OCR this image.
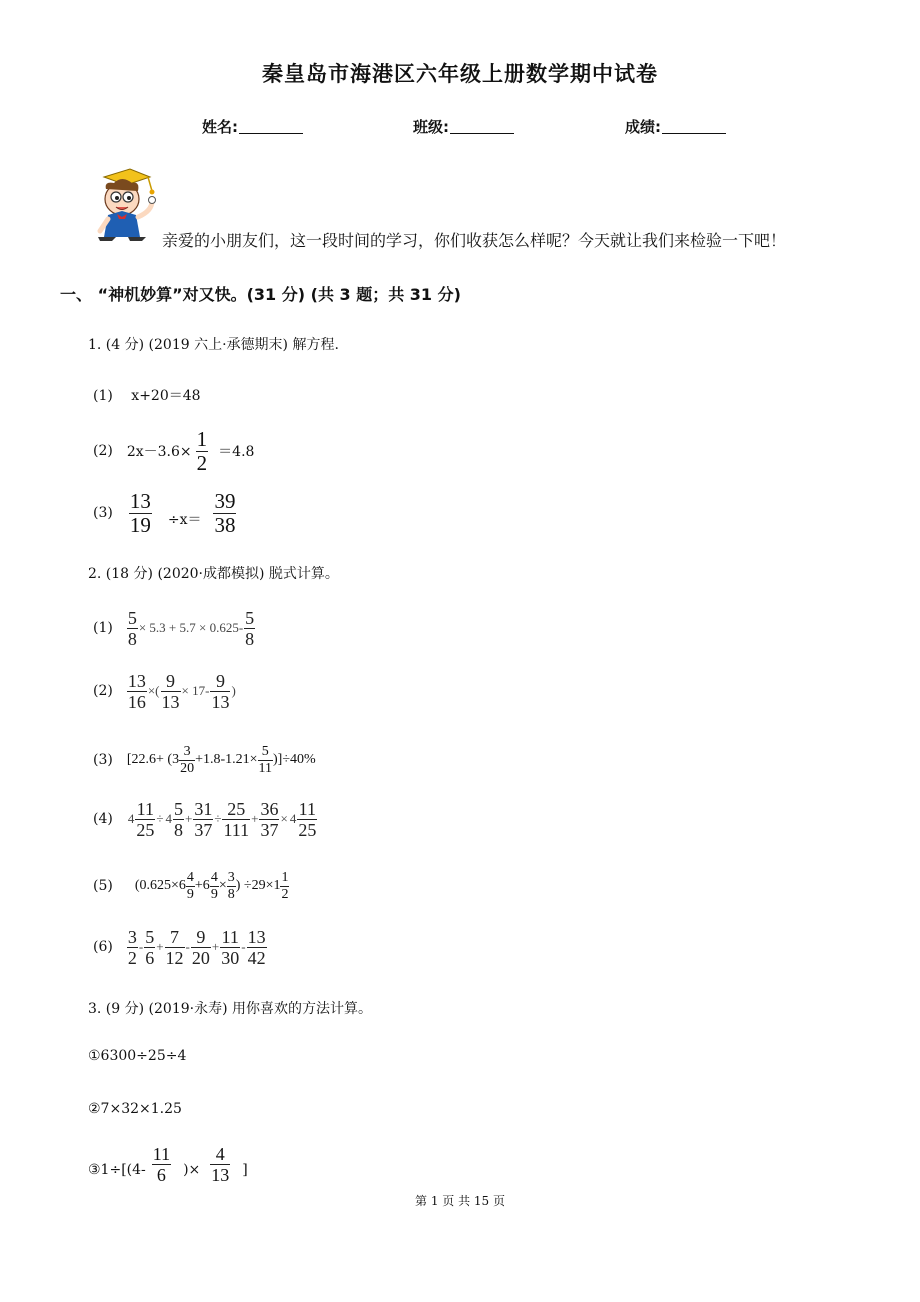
秦皇岛市海港区六年级上册数学期中试卷
姓名:	班级:	成绩:
亲爱的小朋友们，这一段时间的学习，你们收获怎么样呢？今天就让我们来检验一下吧！
一、 “神机妙算”对又快。(31 分) (共 3 题；共 31 分)
1. (4 分) (2019 六上·承德期末) 解方程.
(1) x+20＝48
(2) $2x-3.6\times \frac{1}{2} =4.8$
$(3) \frac{13}{19} \div x= \frac{39}{38}$
2. (18 分) (2020·成都模拟) 脱式计算。
$(1) \frac{5}{8} \times 5.3 + 5.7 \times 0.625- \frac{5}{8}$
$(2) \frac{13}{16}$ ×( $\frac{9}{13} \times 17- \frac{9}{13}$ )
(3) $[22.6+ (3 \frac{3}{20} +1.8-1.21\times \frac{5}{11} )]\div 40\%$
(4) $4 \frac{11}{25} \div 4 \frac{5}{8} + \frac{31}{37} \div \frac{25}{111} + \frac{36}{37} \times 4 \frac{11}{25}$
(5) ($0.625\times 6 \frac{4}{9} +6 \frac{4}{9} \times \frac{3}{8}$ ) $\div 29\times 1 \frac{1}{2}$
$(6) \frac{3}{2} - \frac{5}{6} + \frac{7}{12} - \frac{9}{20} + \frac{11}{30} - \frac{13}{42}$
3. (9 分) (2019·永寿) 用你喜欢的方法计算。
①6300÷25÷4
②7×32×1.25
③1÷[(4- $\frac{11}{6}$ )× $\frac{4}{13}$ ]
第 1 页 共 15 页
